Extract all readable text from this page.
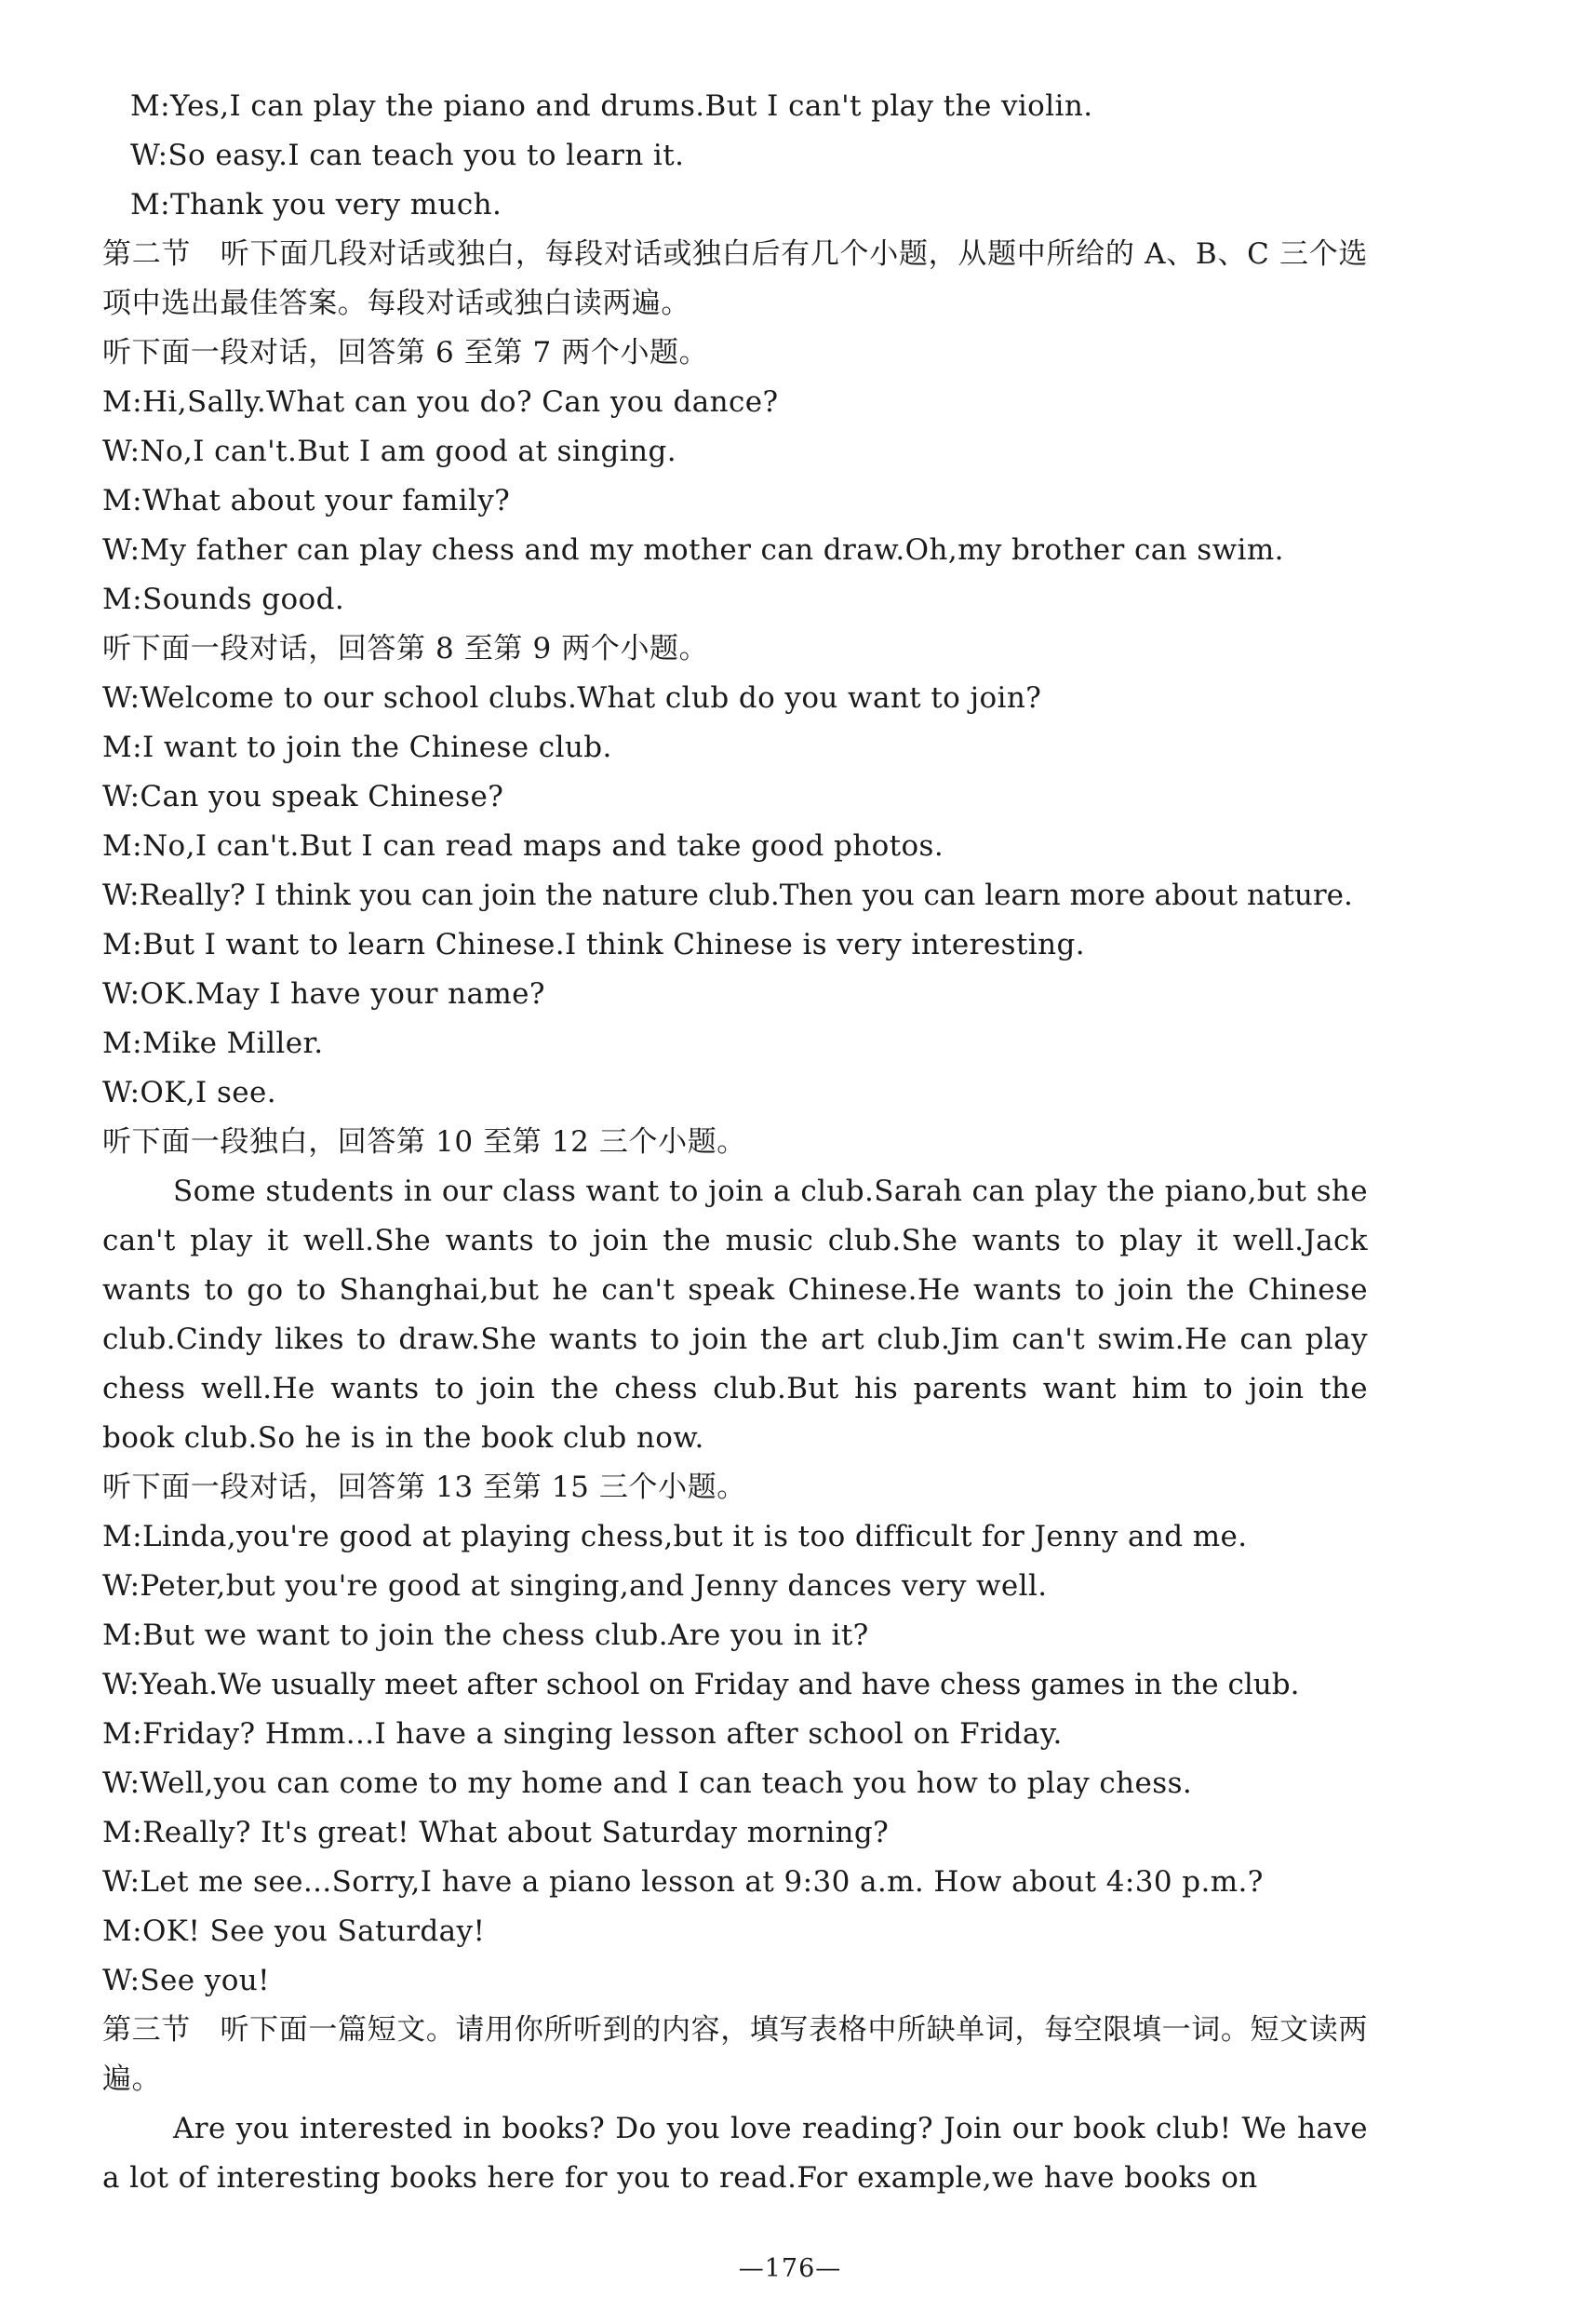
M:Yes,I can play the piano and drums.But I can't play the violin.
W:So easy.I can teach you to learn it.
M:Thank you very much.
第二节　听下面几段对话或独白，每段对话或独白后有几个小题，从题中所给的 A、B、C 三个选项中选出最佳答案。每段对话或独白读两遍。
听下面一段对话，回答第 6 至第 7 两个小题。
M:Hi,Sally.What can you do? Can you dance?
W:No,I can't.But I am good at singing.
M:What about your family?
W:My father can play chess and my mother can draw.Oh,my brother can swim.
M:Sounds good.
听下面一段对话，回答第 8 至第 9 两个小题。
W:Welcome to our school clubs.What club do you want to join?
M:I want to join the Chinese club.
W:Can you speak Chinese?
M:No,I can't.But I can read maps and take good photos.
W:Really? I think you can join the nature club.Then you can learn more about nature.
M:But I want to learn Chinese.I think Chinese is very interesting.
W:OK.May I have your name?
M:Mike Miller.
W:OK,I see.
听下面一段独白，回答第 10 至第 12 三个小题。
Some students in our class want to join a club.Sarah can play the piano,but she can't play it well.She wants to join the music club.She wants to play it well.Jack wants to go to Shanghai,but he can't speak Chinese.He wants to join the Chinese club.Cindy likes to draw.She wants to join the art club.Jim can't swim.He can play chess well.He wants to join the chess club.But his parents want him to join the book club.So he is in the book club now.
听下面一段对话，回答第 13 至第 15 三个小题。
M:Linda,you're good at playing chess,but it is too difficult for Jenny and me.
W:Peter,but you're good at singing,and Jenny dances very well.
M:But we want to join the chess club.Are you in it?
W:Yeah.We usually meet after school on Friday and have chess games in the club.
M:Friday? Hmm...I have a singing lesson after school on Friday.
W:Well,you can come to my home and I can teach you how to play chess.
M:Really? It's great! What about Saturday morning?
W:Let me see...Sorry,I have a piano lesson at 9:30 a.m. How about 4:30 p.m.?
M:OK! See you Saturday!
W:See you!
第三节　听下面一篇短文。请用你所听到的内容，填写表格中所缺单词，每空限填一词。短文读两遍。
Are you interested in books? Do you love reading? Join our book club! We have a lot of interesting books here for you to read.For example,we have books on
—176—
